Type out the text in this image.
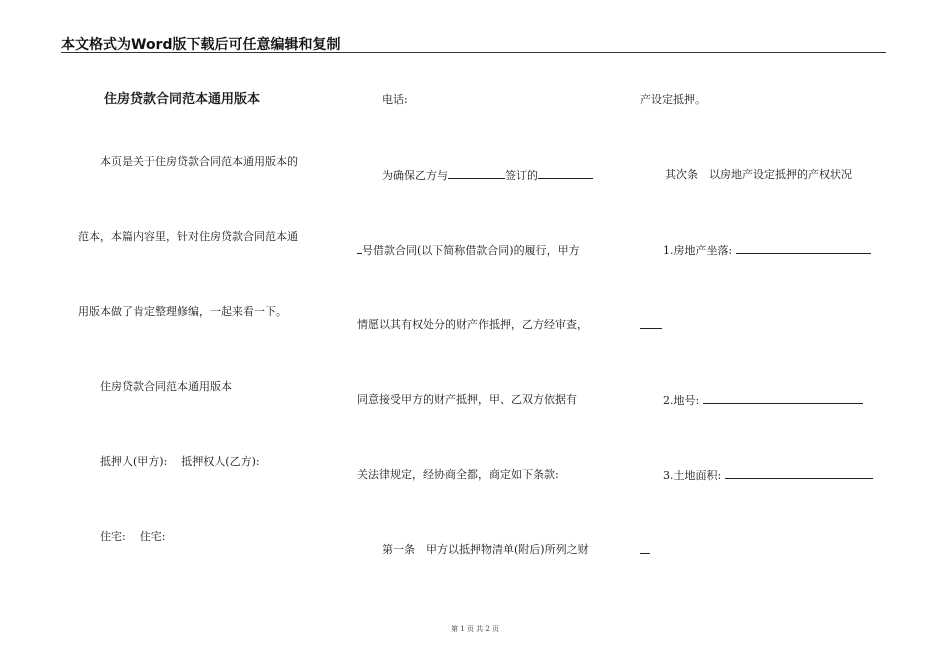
本文格式为Word版下载后可任意编辑和复制
住房贷款合同范本通用版本
本页是关于住房贷款合同范本通用版本的
范本，本篇内容里，针对住房贷款合同范本通
用版本做了肯定整理修编，一起来看一下。
住房贷款合同范本通用版本
抵押人(甲方):    抵押权人(乙方):
住宅:    住宅:
电话:
为确保乙方与	签订的
号借款合同(以下简称借款合同)的履行，甲方
情愿以其有权处分的财产作抵押，乙方经审查，
同意接受甲方的财产抵押，甲、乙双方依据有
关法律规定，经协商全都，商定如下条款:
第一条　甲方以抵押物清单(附后)所列之财
产设定抵押。
其次条　以房地产设定抵押的产权状况
1.房地产坐落:
2.地号:
3.土地面积:
第 1 页 共 2 页
